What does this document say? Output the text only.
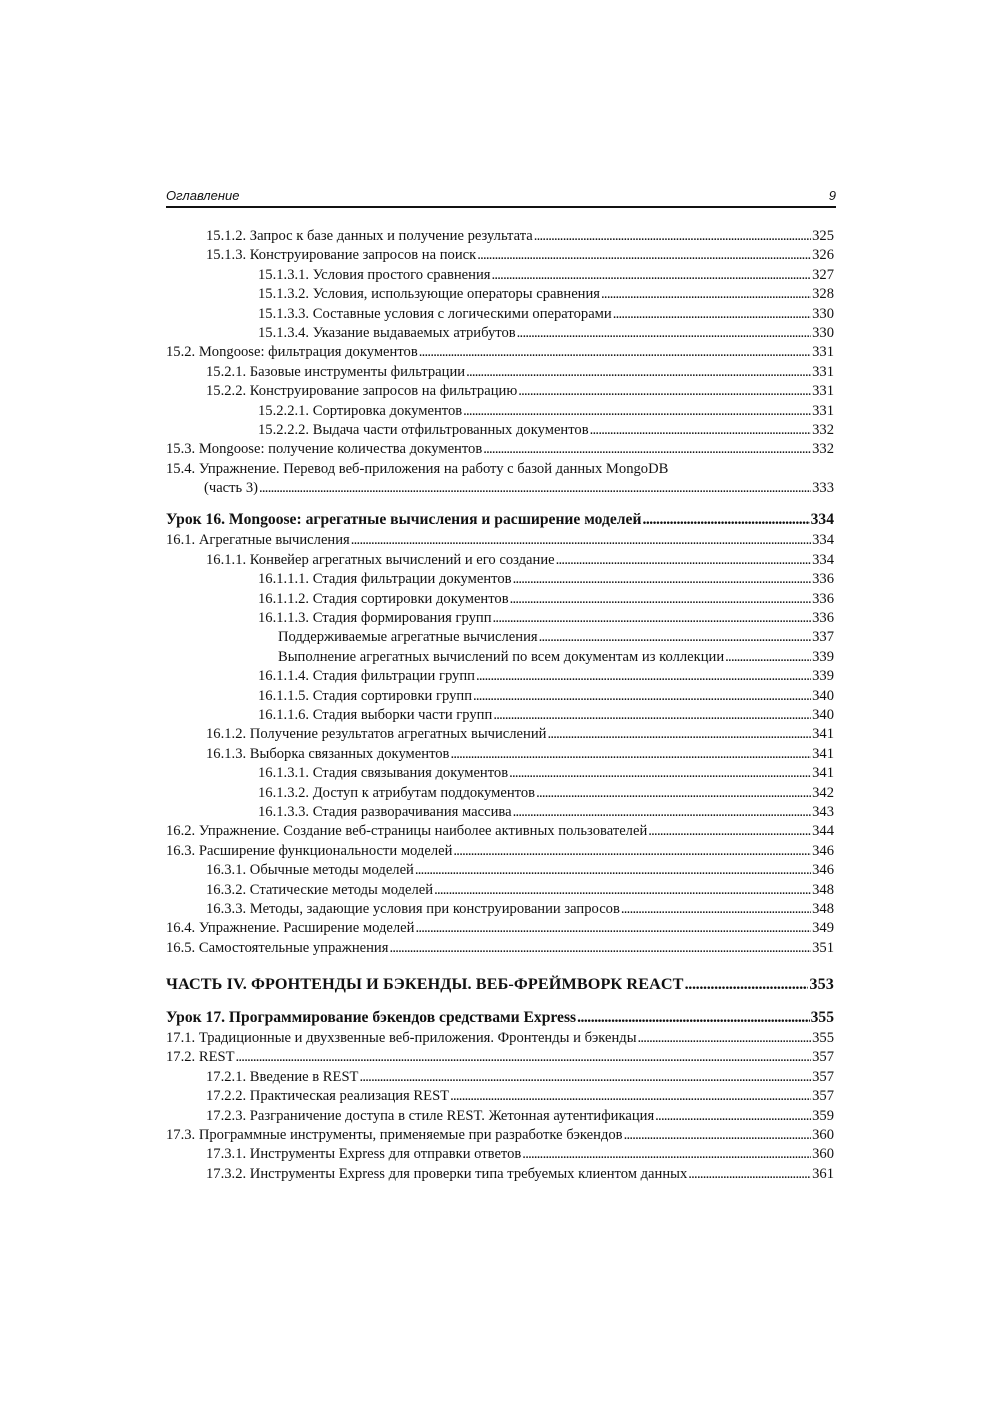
Оглавление	9
15.1.2. Запрос к базе данных и получение результата . . .	325
15.1.3. Конструирование запросов на поиск . . .	326
15.1.3.1. Условия простого сравнения . . .	327
15.1.3.2. Условия, использующие операторы сравнения . . .	328
15.1.3.3. Составные условия с логическими операторами . . .	330
15.1.3.4. Указание выдаваемых атрибутов . . .	330
15.2. Mongoose: фильтрация документов . . .	331
15.2.1. Базовые инструменты фильтрации . . .	331
15.2.2. Конструирование запросов на фильтрацию . . .	331
15.2.2.1. Сортировка документов . . .	331
15.2.2.2. Выдача части отфильтрованных документов . . .	332
15.3. Mongoose: получение количества документов . . .	332
15.4. Упражнение. Перевод веб-приложения на работу с базой данных MongoDB
(часть 3) . . .	333
Урок 16. Mongoose: агрегатные вычисления и расширение моделей . . .	334
16.1. Агрегатные вычисления . . .	334
16.1.1. Конвейер агрегатных вычислений и его создание . . .	334
16.1.1.1. Стадия фильтрации документов . . .	336
16.1.1.2. Стадия сортировки документов . . .	336
16.1.1.3. Стадия формирования групп . . .	336
Поддерживаемые агрегатные вычисления . . .	337
Выполнение агрегатных вычислений по всем документам из коллекции . . .	339
16.1.1.4. Стадия фильтрации групп . . .	339
16.1.1.5. Стадия сортировки групп . . .	340
16.1.1.6. Стадия выборки части групп . . .	340
16.1.2. Получение результатов агрегатных вычислений . . .	341
16.1.3. Выборка связанных документов . . .	341
16.1.3.1. Стадия связывания документов . . .	341
16.1.3.2. Доступ к атрибутам поддокументов . . .	342
16.1.3.3. Стадия разворачивания массива . . .	343
16.2. Упражнение. Создание веб-страницы наиболее активных пользователей . . .	344
16.3. Расширение функциональности моделей . . .	346
16.3.1. Обычные методы моделей . . .	346
16.3.2. Статические методы моделей . . .	348
16.3.3. Методы, задающие условия при конструировании запросов . . .	348
16.4. Упражнение. Расширение моделей . . .	349
16.5. Самостоятельные упражнения . . .	351
ЧАСТЬ IV. ФРОНТЕНДЫ И БЭКЕНДЫ. ВЕБ-ФРЕЙМВОРК REACT . . .	353
Урок 17. Программирование бэкендов средствами Express . . .	355
17.1. Традиционные и двухзвенные веб-приложения. Фронтенды и бэкенды . . .	355
17.2. REST . . .	357
17.2.1. Введение в REST . . .	357
17.2.2. Практическая реализация REST . . .	357
17.2.3. Разграничение доступа в стиле REST. Жетонная аутентификация . . .	359
17.3. Программные инструменты, применяемые при разработке бэкендов . . .	360
17.3.1. Инструменты Express для отправки ответов . . .	360
17.3.2. Инструменты Express для проверки типа требуемых клиентом данных . . .	361
